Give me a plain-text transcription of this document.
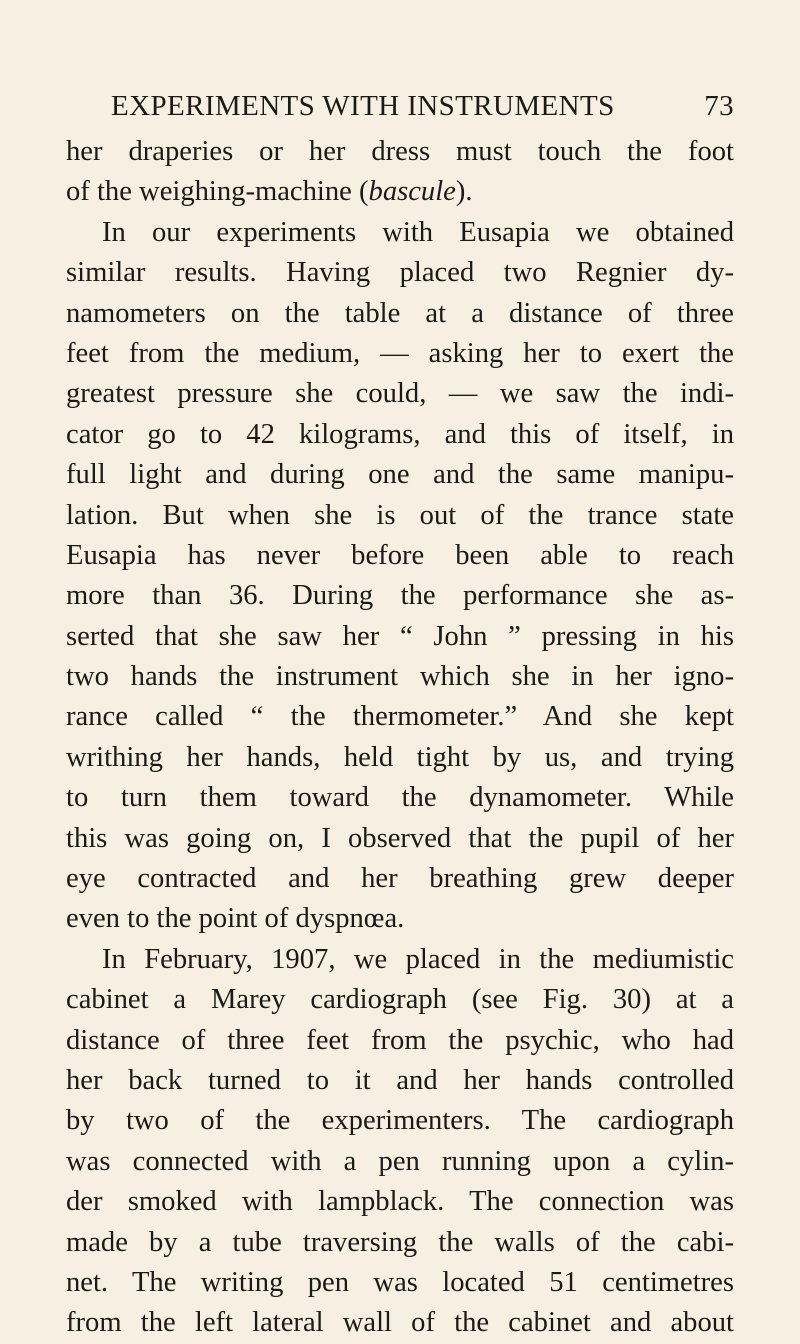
EXPERIMENTS WITH INSTRUMENTS	73
her draperies or her dress must touch the foot
of the weighing-machine (bascule).
In our experiments with Eusapia we obtained
similar results. Having placed two Regnier dy-
namometers on the table at a distance of three
feet from the medium, — asking her to exert the
greatest pressure she could, — we saw the indi-
cator go to 42 kilograms, and this of itself, in
full light and during one and the same manipu-
lation. But when she is out of the trance state
Eusapia has never before been able to reach
more than 36. During the performance she as-
serted that she saw her “ John ” pressing in his
two hands the instrument which she in her igno-
rance called “ the thermometer.” And she kept
writhing her hands, held tight by us, and trying
to turn them toward the dynamometer. While
this was going on, I observed that the pupil of her
eye contracted and her breathing grew deeper
even to the point of dyspnœa.
In February, 1907, we placed in the mediumistic
cabinet a Marey cardiograph (see Fig. 30) at a
distance of three feet from the psychic, who had
her back turned to it and her hands controlled
by two of the experimenters. The cardiograph
was connected with a pen running upon a cylin-
der smoked with lampblack. The connection was
made by a tube traversing the walls of the cabi-
net. The writing pen was located 51 centimetres
from the left lateral wall of the cabinet and about
